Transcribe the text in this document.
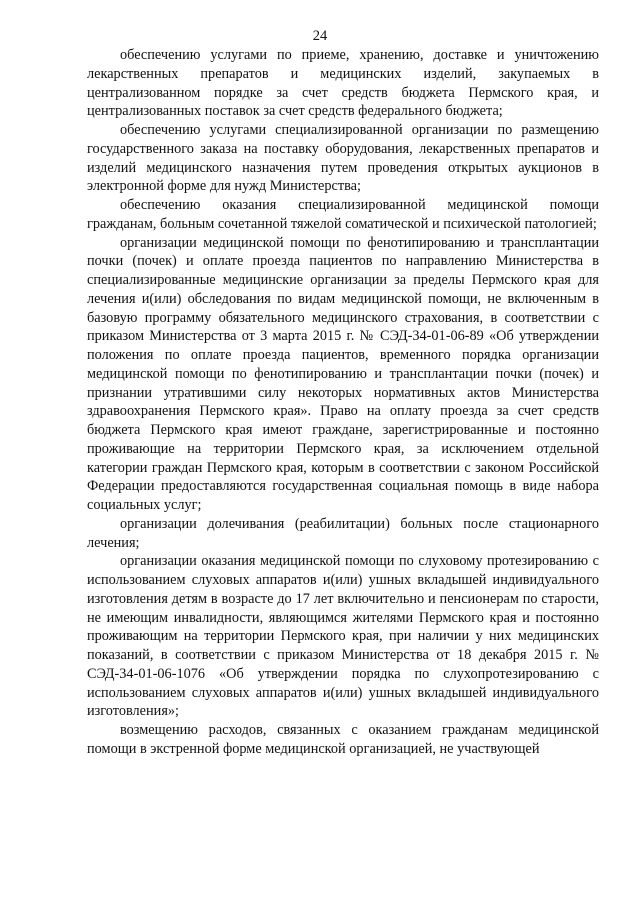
24

обеспечению услугами по приеме, хранению, доставке и уничтожению лекарственных препаратов и медицинских изделий, закупаемых в централизованном порядке за счет средств бюджета Пермского края, и централизованных поставок за счет средств федерального бюджета;

обеспечению услугами специализированной организации по размещению государственного заказа на поставку оборудования, лекарственных препаратов и изделий медицинского назначения путем проведения открытых аукционов в электронной форме для нужд Министерства;

обеспечению оказания специализированной медицинской помощи гражданам, больным сочетанной тяжелой соматической и психической патологией;

организации медицинской помощи по фенотипированию и трансплантации почки (почек) и оплате проезда пациентов по направлению Министерства в специализированные медицинские организации за пределы Пермского края для лечения и(или) обследования по видам медицинской помощи, не включенным в базовую программу обязательного медицинского страхования, в соответствии с приказом Министерства от 3 марта 2015 г. № СЭД-34-01-06-89 «Об утверждении положения по оплате проезда пациентов, временного порядка организации медицинской помощи по фенотипированию и трансплантации почки (почек) и признании утратившими силу некоторых нормативных актов Министерства здравоохранения Пермского края». Право на оплату проезда за счет средств бюджета Пермского края имеют граждане, зарегистрированные и постоянно проживающие на территории Пермского края, за исключением отдельной категории граждан Пермского края, которым в соответствии с законом Российской Федерации предоставляются государственная социальная помощь в виде набора социальных услуг;

организации долечивания (реабилитации) больных после стационарного лечения;

организации оказания медицинской помощи по слуховому протезированию с использованием слуховых аппаратов и(или) ушных вкладышей индивидуального изготовления детям в возрасте до 17 лет включительно и пенсионерам по старости, не имеющим инвалидности, являющимся жителями Пермского края и постоянно проживающим на территории Пермского края, при наличии у них медицинских показаний, в соответствии с приказом Министерства от 18 декабря 2015 г. № СЭД-34-01-06-1076 «Об утверждении порядка по слухопротезированию с использованием слуховых аппаратов и(или) ушных вкладышей индивидуального изготовления»;

возмещению расходов, связанных с оказанием гражданам медицинской помощи в экстренной форме медицинской организацией, не участвующей
